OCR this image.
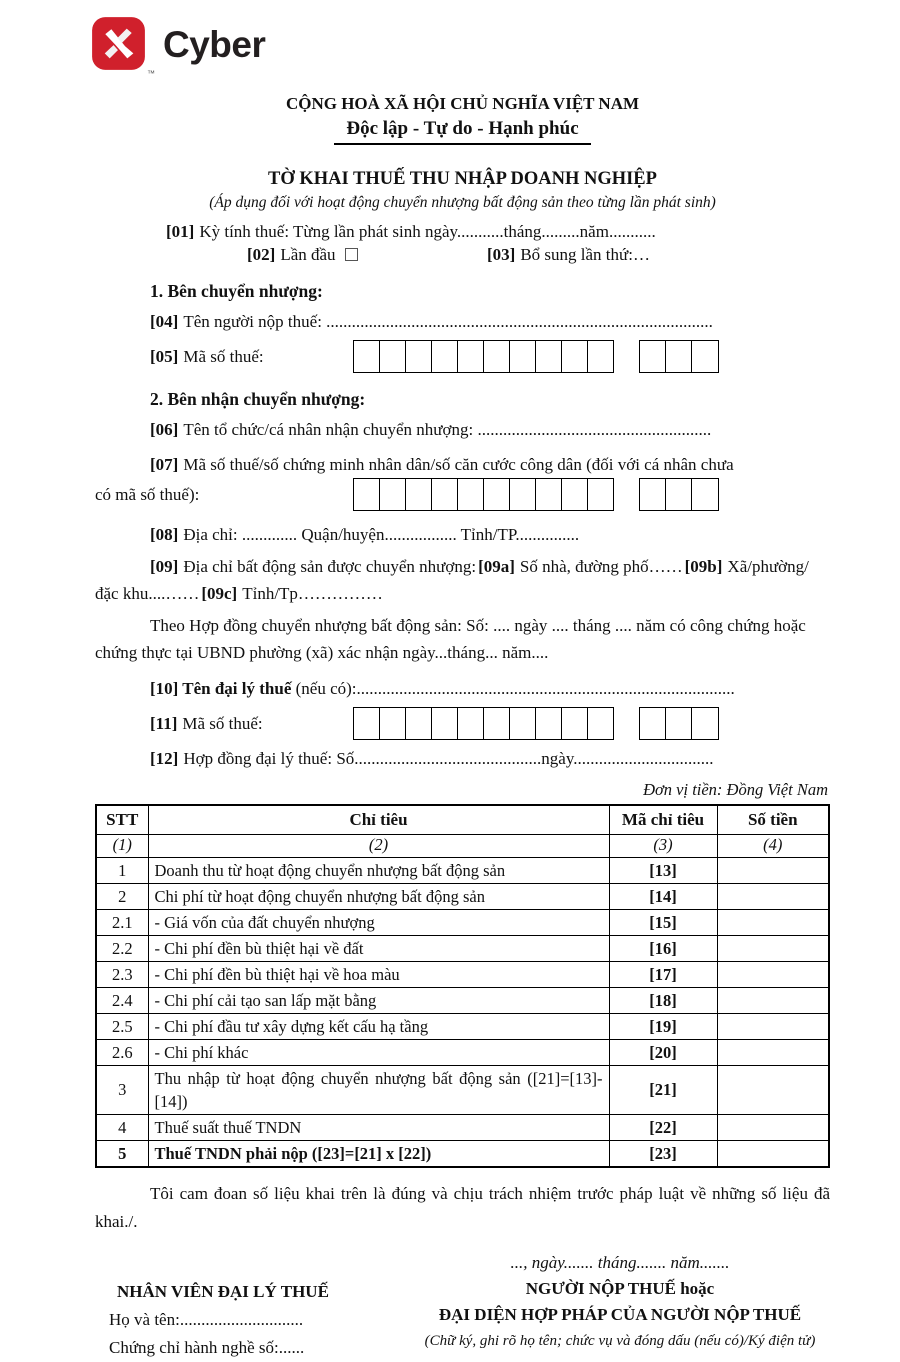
™
Cyber
CỘNG HOÀ XÃ HỘI CHỦ NGHĨA VIỆT NAM
Độc lập - Tự do - Hạnh phúc
TỜ KHAI THUẾ THU NHẬP DOANH NGHIỆP
(Áp dụng đối với hoạt động chuyển nhượng bất động sản theo từng lần phát sinh)
[01] Kỳ tính thuế: Từng lần phát sinh ngày...........tháng.........năm...........
[02] Lần đầu	[03] Bổ sung lần thứ:…
1. Bên chuyển nhượng:
[04] Tên người nộp thuế: ...........................................................................................
[05] Mã số thuế:
2. Bên nhận chuyển nhượng:
[06] Tên tổ chức/cá nhân nhận chuyển nhượng: .......................................................
[07] Mã số thuế/số chứng minh nhân dân/số căn cước công dân (đối với cá nhân chưa
có mã số thuế):
[08] Địa chỉ: ............. Quận/huyện................. Tỉnh/TP...............
[09] Địa chỉ bất động sản được chuyển nhượng: [09a] Số nhà, đường phố…… [09b] Xã/phường/đặc khu....…… [09c] Tỉnh/Tp……………
Theo Hợp đồng chuyển nhượng bất động sản: Số: .... ngày .... tháng .... năm có công chứng hoặc chứng thực tại UBND phường (xã) xác nhận ngày...tháng... năm....
[10] Tên đại lý thuế (nếu có):.........................................................................................
[11] Mã số thuế:
[12] Hợp đồng đại lý thuế: Số............................................ngày.................................
Đơn vị tiền: Đồng Việt Nam
STT	Chỉ tiêu	Mã chỉ tiêu	Số tiền
(1)	(2)	(3)	(4)
1	Doanh thu từ hoạt động chuyển nhượng bất động sản	[13]	
2	Chi phí từ hoạt động chuyển nhượng bất động sản	[14]	
2.1	- Giá vốn của đất chuyển nhượng	[15]	
2.2	- Chi phí đền bù thiệt hại về đất	[16]	
2.3	- Chi phí đền bù thiệt hại về hoa màu	[17]	
2.4	- Chi phí cải tạo san lấp mặt bằng	[18]	
2.5	- Chi phí đầu tư xây dựng kết cấu hạ tầng	[19]	
2.6	- Chi phí khác	[20]	
3	Thu nhập từ hoạt động chuyển nhượng bất động sản ([21]=[13]-[14])	[21]	
4	Thuế suất thuế TNDN	[22]	
5	Thuế TNDN phải nộp ([23]=[21] x [22])	[23]	
Tôi cam đoan số liệu khai trên là đúng và chịu trách nhiệm trước pháp luật về những số liệu đã khai./.
NHÂN VIÊN ĐẠI LÝ THUẾ
Họ và tên:.............................
Chứng chỉ hành nghề số:......
..., ngày....... tháng....... năm.......
NGƯỜI NỘP THUẾ hoặc
ĐẠI DIỆN HỢP PHÁP CỦA NGƯỜI NỘP THUẾ
(Chữ ký, ghi rõ họ tên; chức vụ và đóng dấu (nếu có)/Ký điện tử)
